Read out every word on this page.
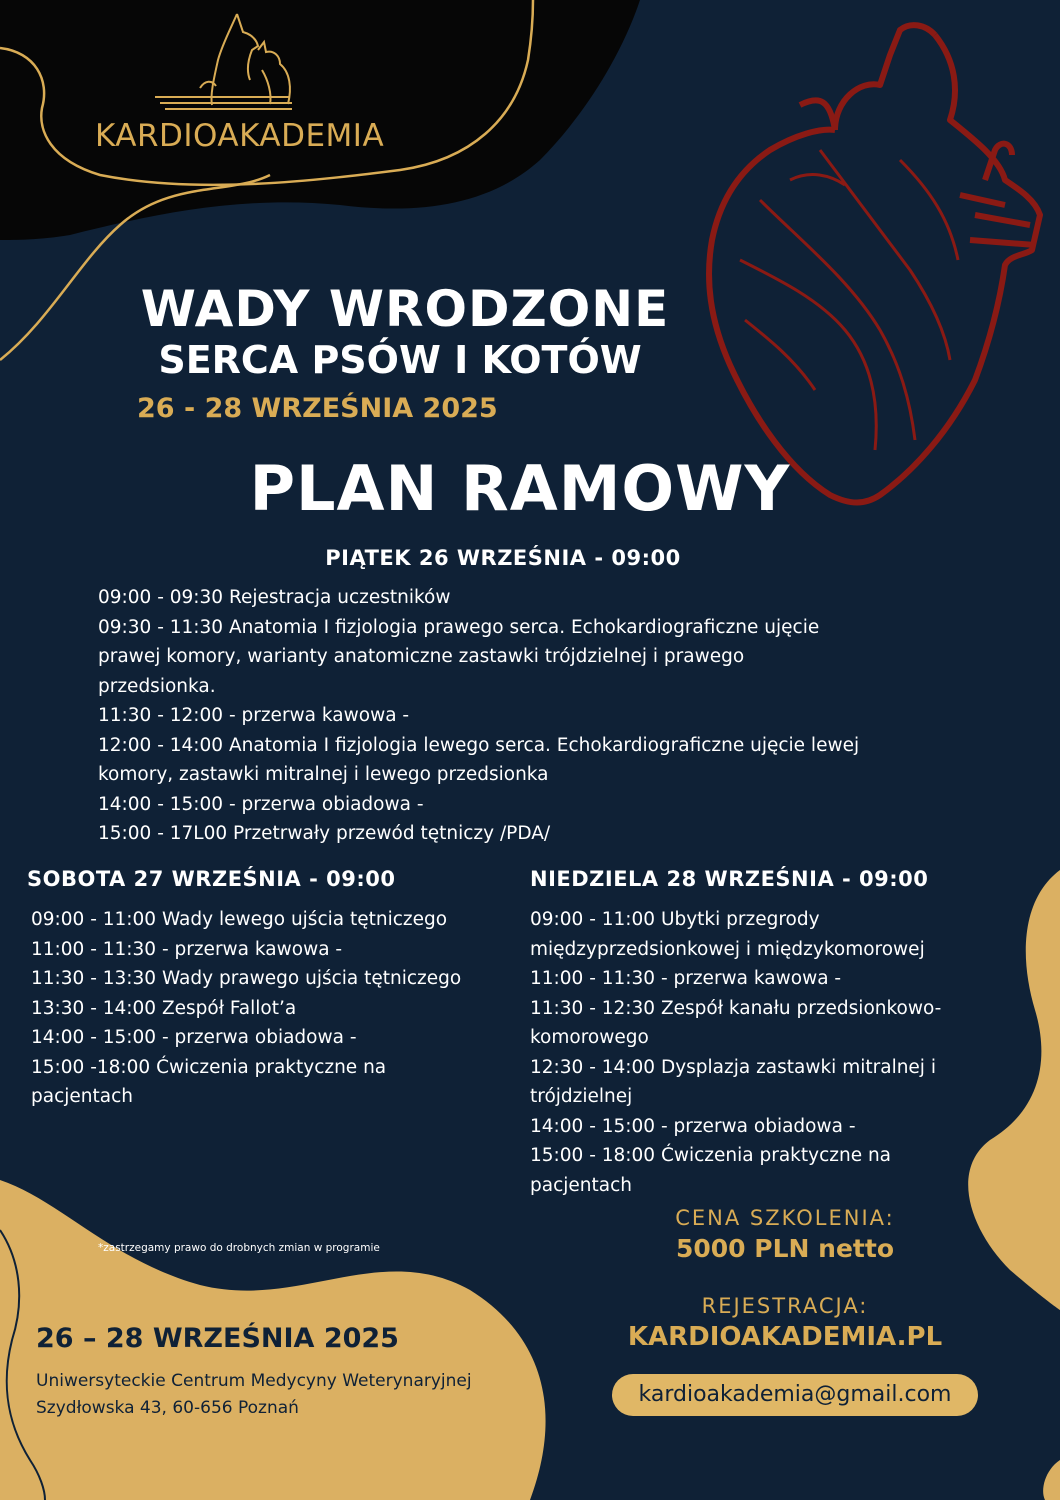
KARDIOAKADEMIA
WADY WRODZONE
SERCA PSÓW I KOTÓW
26 - 28 WRZEŚNIA 2025
PLAN RAMOWY
PIĄTEK 26 WRZEŚNIA - 09:00
09:00 - 09:30 Rejestracja uczestników
09:30 - 11:30 Anatomia I fizjologia prawego serca. Echokardiograficzne ujęcie
prawej komory, warianty anatomiczne zastawki trójdzielnej i prawego
przedsionka.
11:30 - 12:00 - przerwa kawowa -
12:00 - 14:00 Anatomia I fizjologia lewego serca. Echokardiograficzne ujęcie lewej
komory, zastawki mitralnej i lewego przedsionka
14:00 - 15:00 - przerwa obiadowa -
15:00 - 17L00 Przetrwały przewód tętniczy /PDA/
SOBOTA 27 WRZEŚNIA - 09:00
09:00 - 11:00 Wady lewego ujścia tętniczego
11:00 - 11:30 - przerwa kawowa -
11:30 - 13:30 Wady prawego ujścia tętniczego
13:30 - 14:00 Zespół Fallot’a
14:00 - 15:00 - przerwa obiadowa -
15:00 -18:00 Ćwiczenia praktyczne na
pacjentach
NIEDZIELA 28 WRZEŚNIA - 09:00
09:00 - 11:00 Ubytki przegrody
międzyprzedsionkowej i międzykomorowej
11:00 - 11:30 - przerwa kawowa -
11:30 - 12:30 Zespół kanału przedsionkowo-
komorowego
12:30 - 14:00 Dysplazja zastawki mitralnej i
trójdzielnej
14:00 - 15:00 - przerwa obiadowa -
15:00 - 18:00 Ćwiczenia praktyczne na
pacjentach
CENA SZKOLENIA:
5000 PLN netto
*zastrzegamy prawo do drobnych zmian w programie
REJESTRACJA:
KARDIOAKADEMIA.PL
kardioakademia@gmail.com
26 – 28 WRZEŚNIA 2025
Uniwersyteckie Centrum Medycyny Weterynaryjnej
Szydłowska 43, 60-656 Poznań
